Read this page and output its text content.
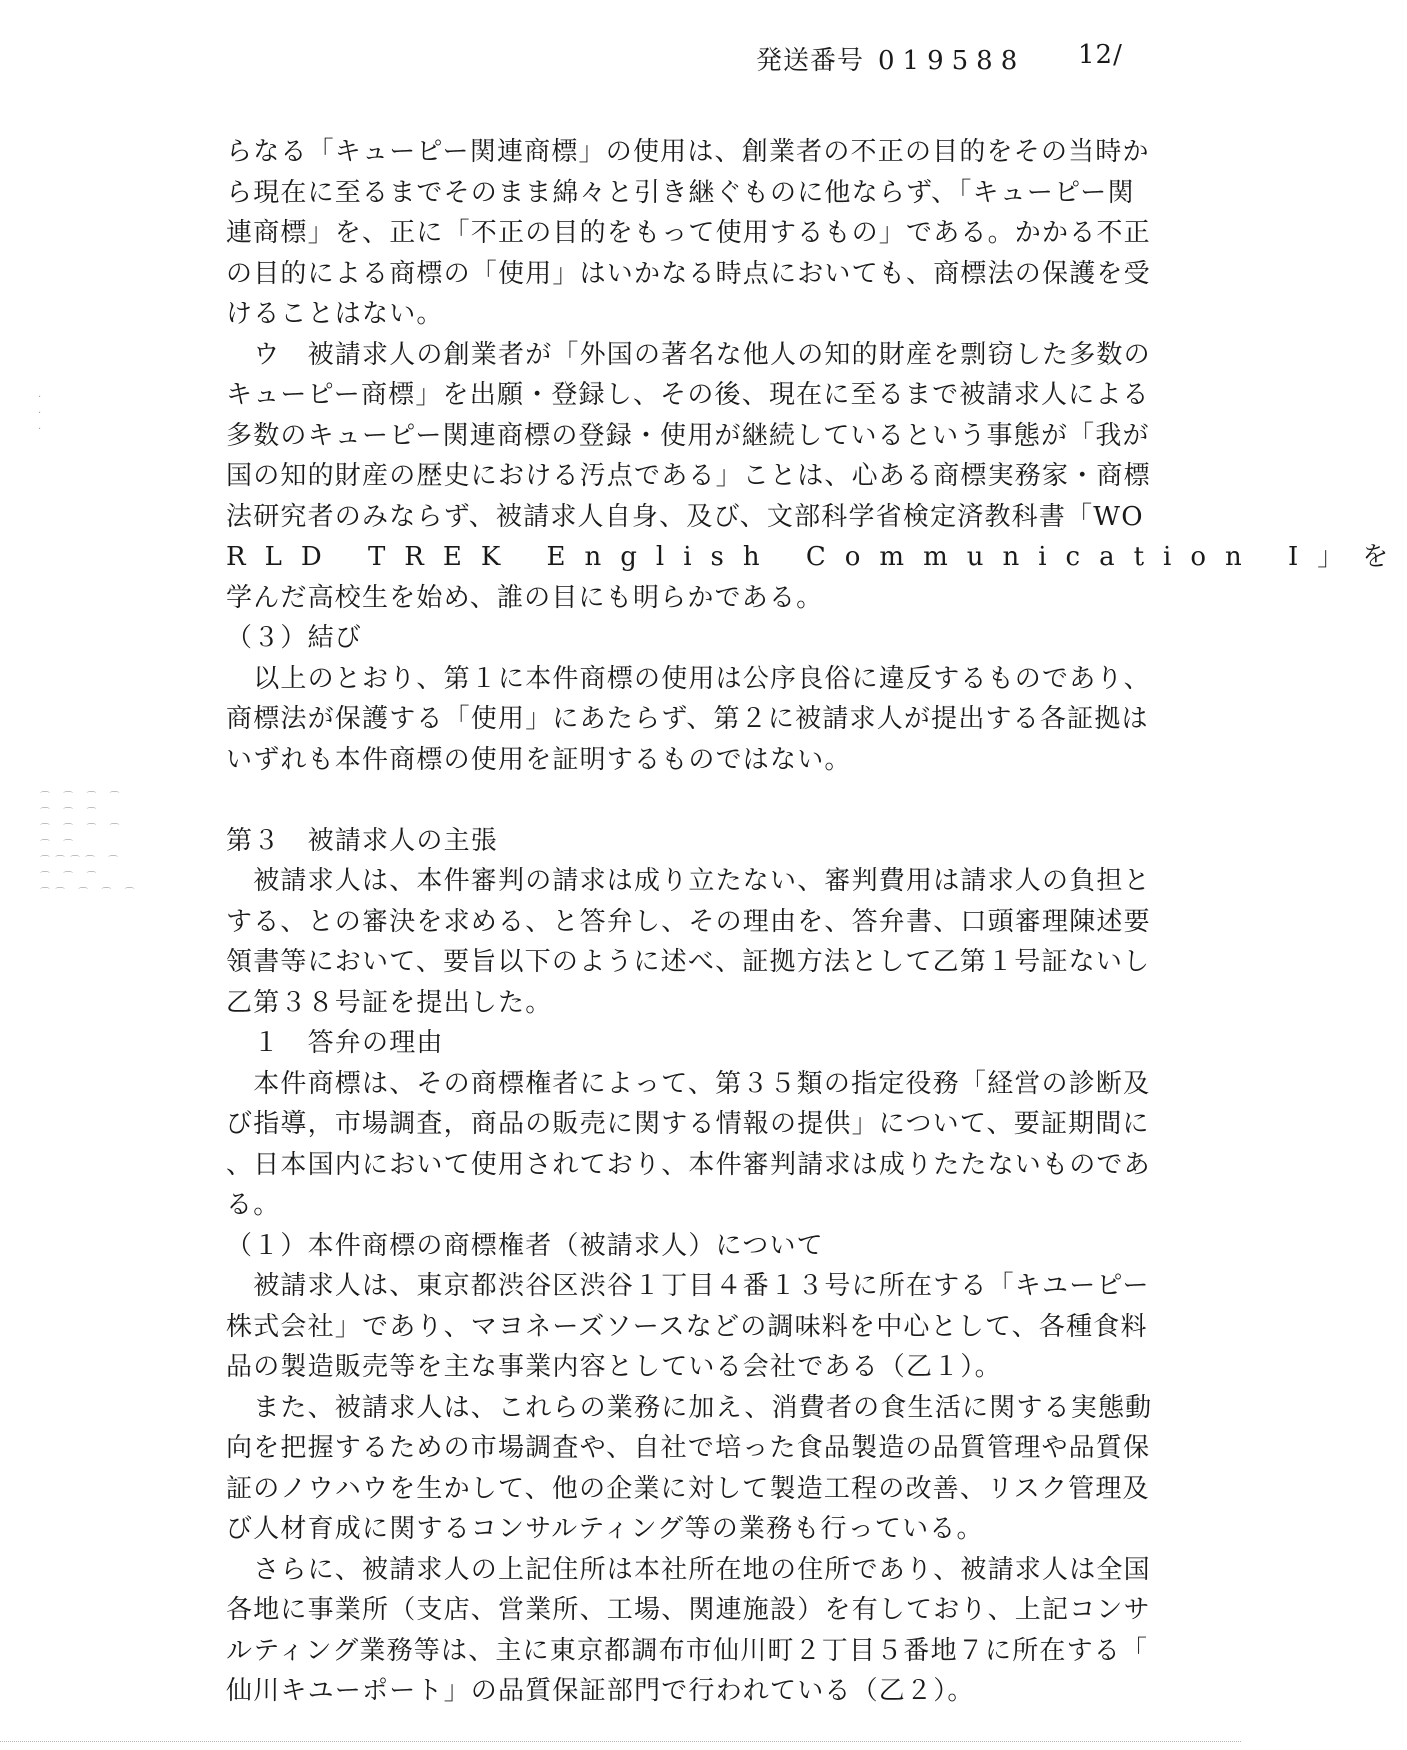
発送番号 019588 12/
·
·
·
⌒ ⌒ ⌒ ⌒
⌒ ⌒ ⌒
⌒ ⌒ ⌒ ⌒
⌒ ⌒
⌒⌒⌒⌒ ⌒
⌒ ⌒ ⌒
⌒⌒ ⌒ ⌒ ⌒
らなる「キューピー関連商標」の使用は、創業者の不正の目的をその当時か
ら現在に至るまでそのまま綿々と引き継ぐものに他ならず、「キューピー関
連商標」を、正に「不正の目的をもって使用するもの」である。かかる不正
の目的による商標の「使用」はいかなる時点においても、商標法の保護を受
けることはない。
　ウ　被請求人の創業者が「外国の著名な他人の知的財産を剽窃した多数の
キューピー商標」を出願・登録し、その後、現在に至るまで被請求人による
多数のキューピー関連商標の登録・使用が継続しているという事態が「我が
国の知的財産の歴史における汚点である」ことは、心ある商標実務家・商標
法研究者のみならず、被請求人自身、及び、文部科学省検定済教科書「WO
RLD TREK English Communication I」を
学んだ高校生を始め、誰の目にも明らかである。
（３）結び
　以上のとおり、第１に本件商標の使用は公序良俗に違反するものであり、
商標法が保護する「使用」にあたらず、第２に被請求人が提出する各証拠は
いずれも本件商標の使用を証明するものではない。
第３　被請求人の主張
　被請求人は、本件審判の請求は成り立たない、審判費用は請求人の負担と
する、との審決を求める、と答弁し、その理由を、答弁書、口頭審理陳述要
領書等において、要旨以下のように述べ、証拠方法として乙第１号証ないし
乙第３８号証を提出した。
　１　答弁の理由
　本件商標は、その商標権者によって、第３５類の指定役務「経営の診断及
び指導，市場調査，商品の販売に関する情報の提供」について、要証期間に
、日本国内において使用されており、本件審判請求は成りたたないものであ
る。
（１）本件商標の商標権者（被請求人）について
　被請求人は、東京都渋谷区渋谷１丁目４番１３号に所在する「キユーピー
株式会社」であり、マヨネーズソースなどの調味料を中心として、各種食料
品の製造販売等を主な事業内容としている会社である（乙１）。
　また、被請求人は、これらの業務に加え、消費者の食生活に関する実態動
向を把握するための市場調査や、自社で培った食品製造の品質管理や品質保
証のノウハウを生かして、他の企業に対して製造工程の改善、リスク管理及
び人材育成に関するコンサルティング等の業務も行っている。
　さらに、被請求人の上記住所は本社所在地の住所であり、被請求人は全国
各地に事業所（支店、営業所、工場、関連施設）を有しており、上記コンサ
ルティング業務等は、主に東京都調布市仙川町２丁目５番地７に所在する「
仙川キユーポート」の品質保証部門で行われている（乙２）。
